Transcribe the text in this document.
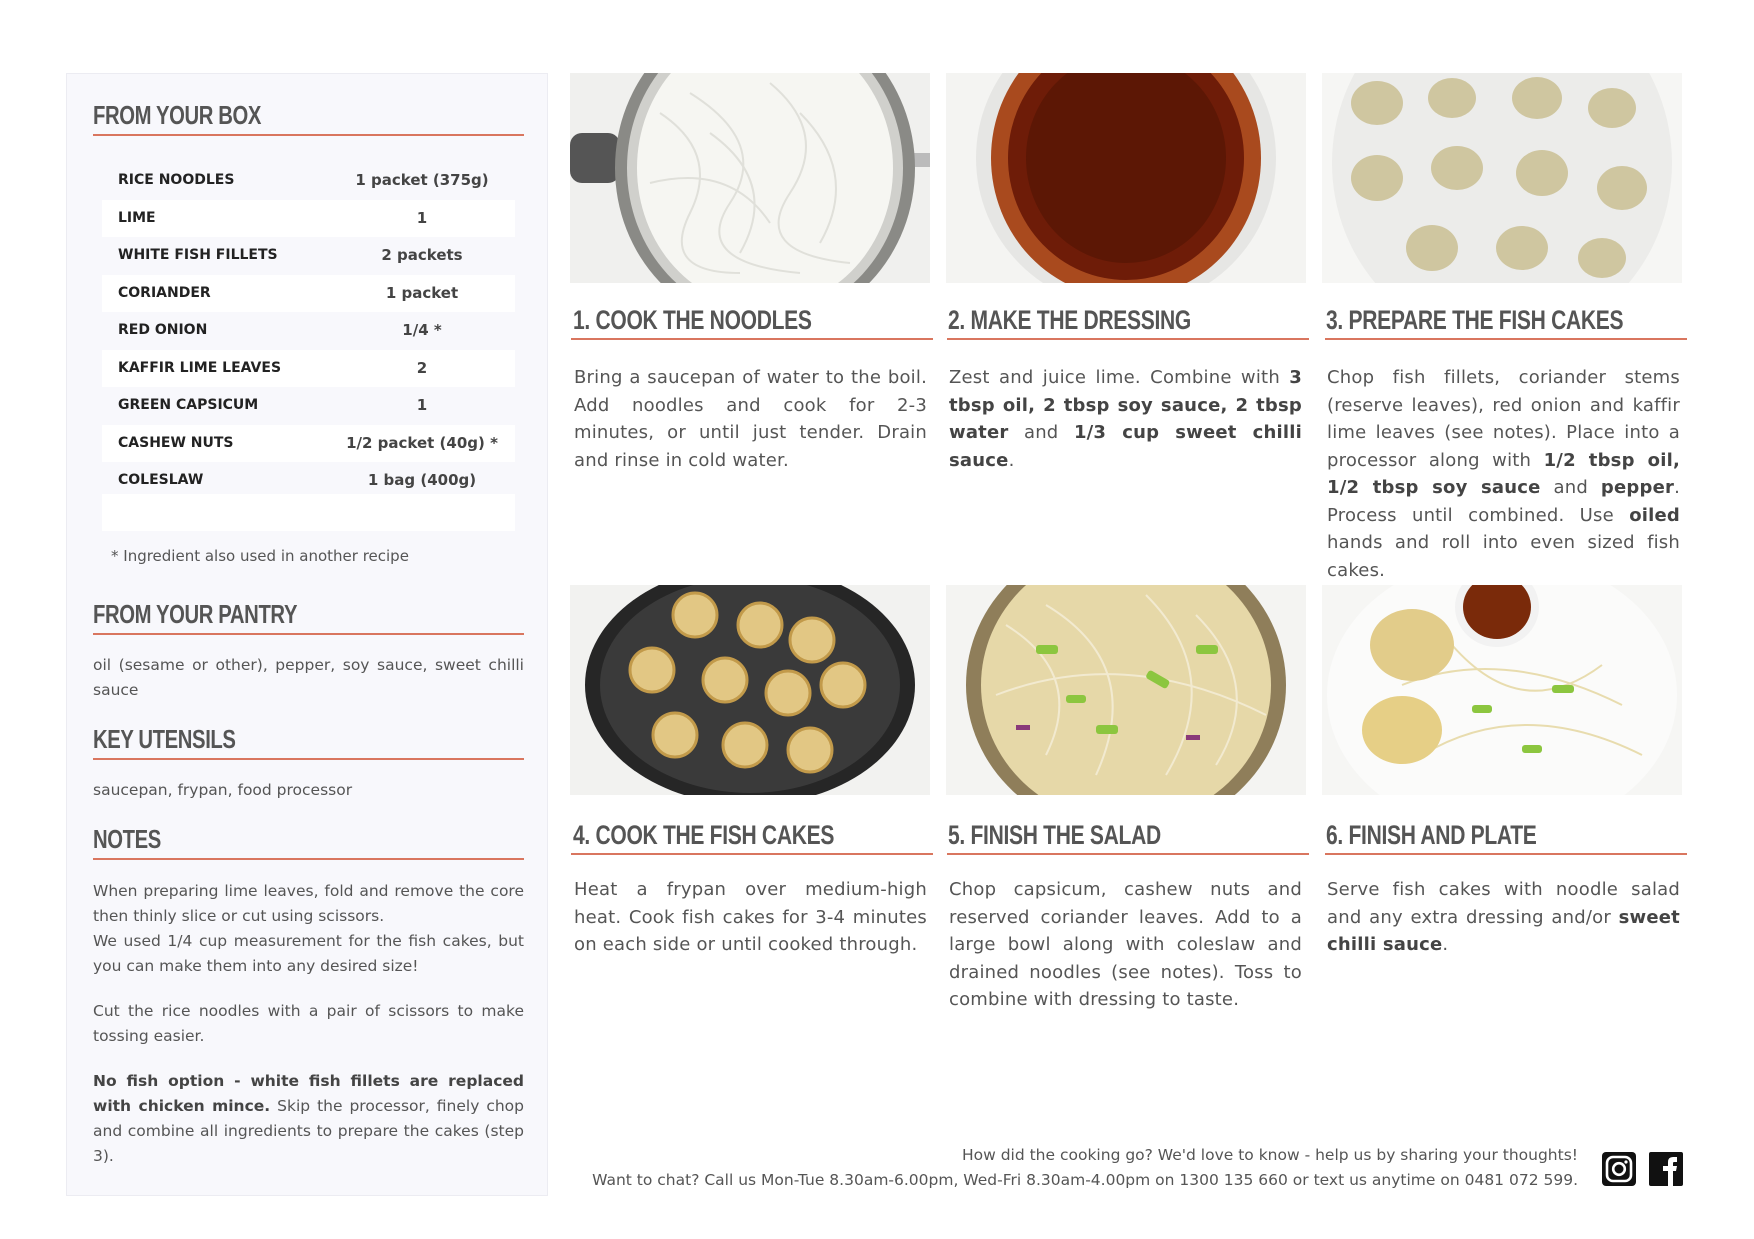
FROM YOUR BOX
RICE NOODLES	1 packet (375g)
LIME	1
WHITE FISH FILLETS	2 packets
CORIANDER	1 packet
RED ONION	1/4 *
KAFFIR LIME LEAVES	2
GREEN CAPSICUM	1
CASHEW NUTS	1/2 packet (40g) *
COLESLAW	1 bag (400g)
* Ingredient also used in another recipe
FROM YOUR PANTRY
oil (sesame or other), pepper, soy sauce, sweet chilli sauce
KEY UTENSILS
saucepan, frypan, food processor
NOTES
When preparing lime leaves, fold and remove the core then thinly slice or cut using scissors.
We used 1/4 cup measurement for the fish cakes, but you can make them into any desired size!
Cut the rice noodles with a pair of scissors to make tossing easier.
No fish option - white fish fillets are replaced with chicken mince. Skip the processor, finely chop and combine all ingredients to prepare the cakes (step 3).
1. COOK THE NOODLES
Bring a saucepan of water to the boil. Add noodles and cook for 2-3 minutes, or until just tender. Drain and rinse in cold water.
2. MAKE THE DRESSING
Zest and juice lime. Combine with 3 tbsp oil, 2 tbsp soy sauce, 2 tbsp water and 1/3 cup sweet chilli sauce.
3. PREPARE THE FISH CAKES
Chop fish fillets, coriander stems (reserve leaves), red onion and kaffir lime leaves (see notes). Place into a processor along with 1/2 tbsp oil, 1/2 tbsp soy sauce and pepper. Process until combined. Use oiled hands and roll into even sized fish cakes.
4. COOK THE FISH CAKES
Heat a frypan over medium-high heat. Cook fish cakes for 3-4 minutes on each side or until cooked through.
5. FINISH THE SALAD
Chop capsicum, cashew nuts and reserved coriander leaves. Add to a large bowl along with coleslaw and drained noodles (see notes). Toss to combine with dressing to taste.
6. FINISH AND PLATE
Serve fish cakes with noodle salad and any extra dressing and/or sweet chilli sauce.
How did the cooking go? We'd love to know - help us by sharing your thoughts!
Want to chat? Call us Mon-Tue 8.30am-6.00pm, Wed-Fri 8.30am-4.00pm on 1300 135 660 or text us anytime on 0481 072 599.
